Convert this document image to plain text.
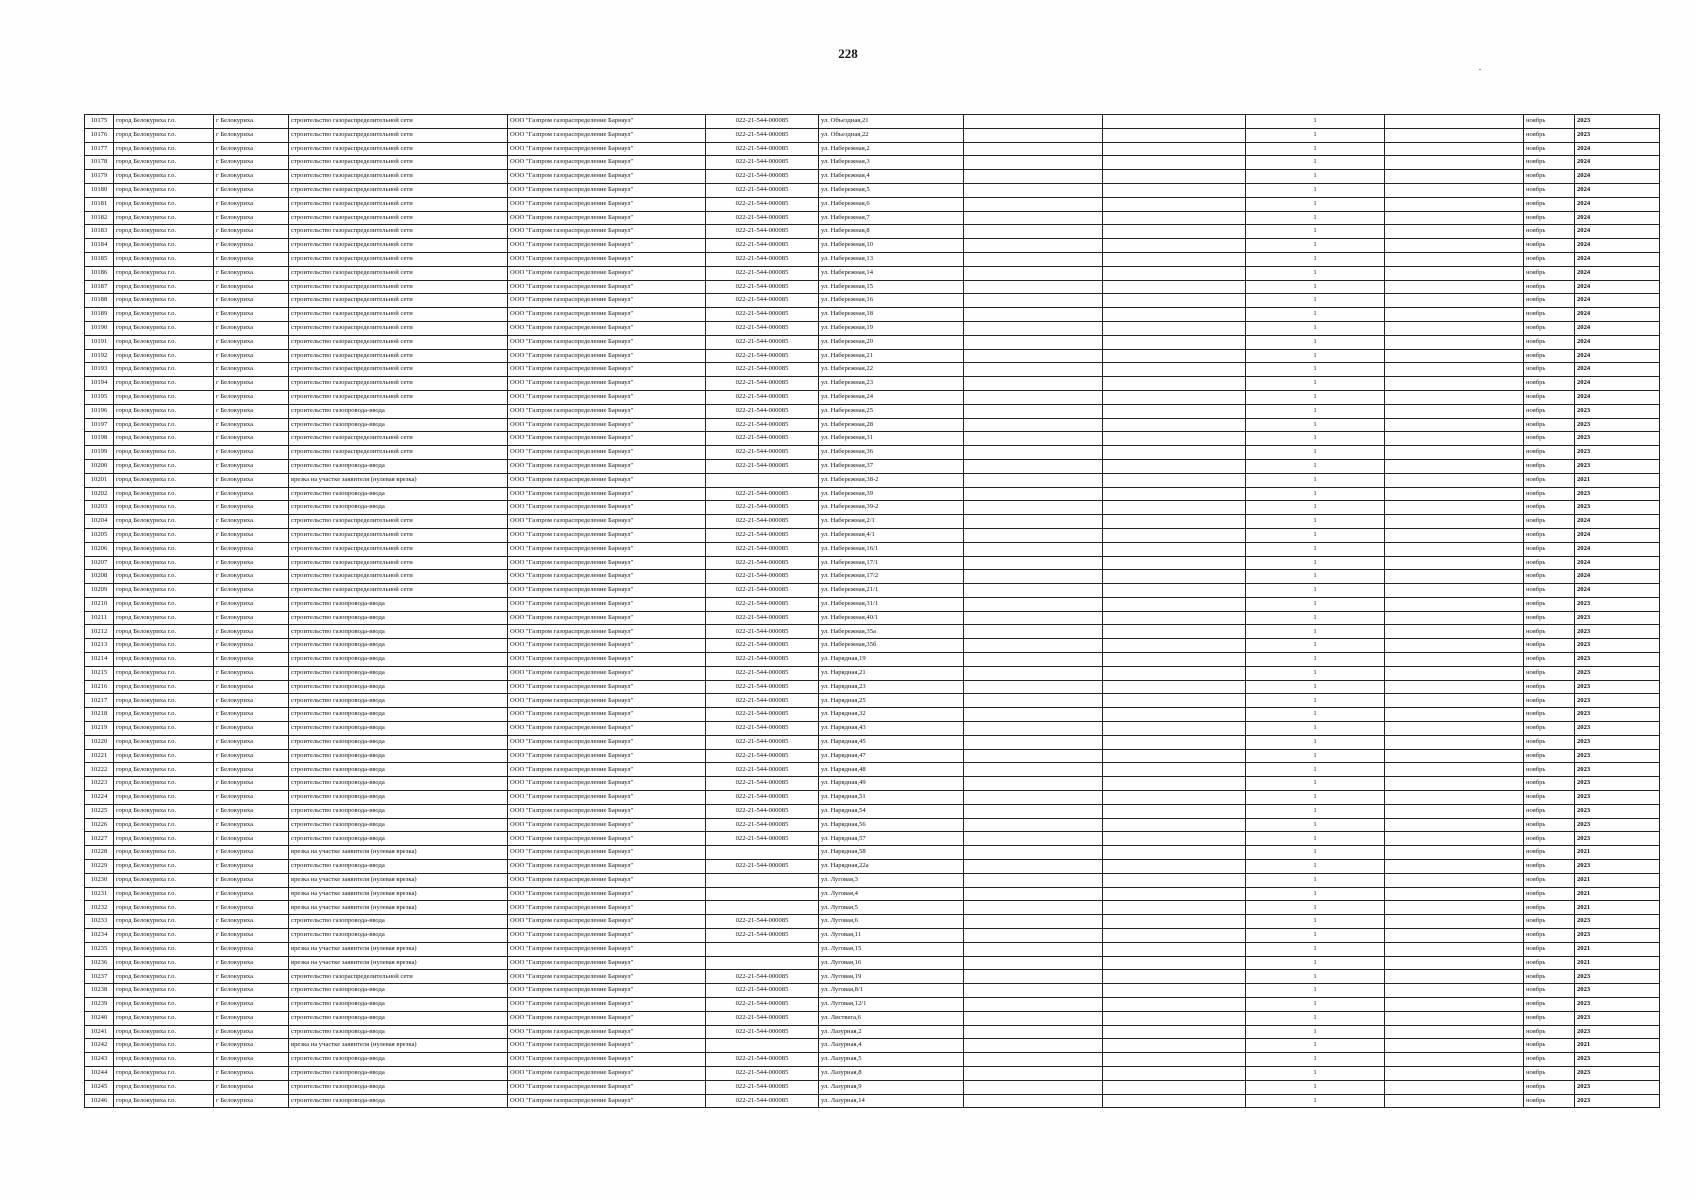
228
·
10175	город Белокуриха г.о.	г Белокуриха	строительство газораспределительной сети	ООО "Газпром газораспределение Барнаул"	022-21-544-000085	ул. Объездная,21			1		ноябрь	2023
10176	город Белокуриха г.о.	г Белокуриха	строительство газораспределительной сети	ООО "Газпром газораспределение Барнаул"	022-21-544-000085	ул. Объездная,22			1		ноябрь	2023
10177	город Белокуриха г.о.	г Белокуриха	строительство газораспределительной сети	ООО "Газпром газораспределение Барнаул"	022-21-544-000085	ул. Набережная,2			1		ноябрь	2024
10178	город Белокуриха г.о.	г Белокуриха	строительство газораспределительной сети	ООО "Газпром газораспределение Барнаул"	022-21-544-000085	ул. Набережная,3			1		ноябрь	2024
10179	город Белокуриха г.о.	г Белокуриха	строительство газораспределительной сети	ООО "Газпром газораспределение Барнаул"	022-21-544-000085	ул. Набережная,4			1		ноябрь	2024
10180	город Белокуриха г.о.	г Белокуриха	строительство газораспределительной сети	ООО "Газпром газораспределение Барнаул"	022-21-544-000085	ул. Набережная,5			1		ноябрь	2024
10181	город Белокуриха г.о.	г Белокуриха	строительство газораспределительной сети	ООО "Газпром газораспределение Барнаул"	022-21-544-000085	ул. Набережная,6			1		ноябрь	2024
10182	город Белокуриха г.о.	г Белокуриха	строительство газораспределительной сети	ООО "Газпром газораспределение Барнаул"	022-21-544-000085	ул. Набережная,7			1		ноябрь	2024
10183	город Белокуриха г.о.	г Белокуриха	строительство газораспределительной сети	ООО "Газпром газораспределение Барнаул"	022-21-544-000085	ул. Набережная,8			1		ноябрь	2024
10184	город Белокуриха г.о.	г Белокуриха	строительство газораспределительной сети	ООО "Газпром газораспределение Барнаул"	022-21-544-000085	ул. Набережная,10			1		ноябрь	2024
10185	город Белокуриха г.о.	г Белокуриха	строительство газораспределительной сети	ООО "Газпром газораспределение Барнаул"	022-21-544-000085	ул. Набережная,13			1		ноябрь	2024
10186	город Белокуриха г.о.	г Белокуриха	строительство газораспределительной сети	ООО "Газпром газораспределение Барнаул"	022-21-544-000085	ул. Набережная,14			1		ноябрь	2024
10187	город Белокуриха г.о.	г Белокуриха	строительство газораспределительной сети	ООО "Газпром газораспределение Барнаул"	022-21-544-000085	ул. Набережная,15			1		ноябрь	2024
10188	город Белокуриха г.о.	г Белокуриха	строительство газораспределительной сети	ООО "Газпром газораспределение Барнаул"	022-21-544-000085	ул. Набережная,16			1		ноябрь	2024
10189	город Белокуриха г.о.	г Белокуриха	строительство газораспределительной сети	ООО "Газпром газораспределение Барнаул"	022-21-544-000085	ул. Набережная,18			1		ноябрь	2024
10190	город Белокуриха г.о.	г Белокуриха	строительство газораспределительной сети	ООО "Газпром газораспределение Барнаул"	022-21-544-000085	ул. Набережная,19			1		ноябрь	2024
10191	город Белокуриха г.о.	г Белокуриха	строительство газораспределительной сети	ООО "Газпром газораспределение Барнаул"	022-21-544-000085	ул. Набережная,20			1		ноябрь	2024
10192	город Белокуриха г.о.	г Белокуриха	строительство газораспределительной сети	ООО "Газпром газораспределение Барнаул"	022-21-544-000085	ул. Набережная,21			1		ноябрь	2024
10193	город Белокуриха г.о.	г Белокуриха	строительство газораспределительной сети	ООО "Газпром газораспределение Барнаул"	022-21-544-000085	ул. Набережная,22			1		ноябрь	2024
10194	город Белокуриха г.о.	г Белокуриха	строительство газораспределительной сети	ООО "Газпром газораспределение Барнаул"	022-21-544-000085	ул. Набережная,23			1		ноябрь	2024
10195	город Белокуриха г.о.	г Белокуриха	строительство газораспределительной сети	ООО "Газпром газораспределение Барнаул"	022-21-544-000085	ул. Набережная,24			1		ноябрь	2024
10196	город Белокуриха г.о.	г Белокуриха	строительство газопровода-ввода	ООО "Газпром газораспределение Барнаул"	022-21-544-000085	ул. Набережная,25			1		ноябрь	2023
10197	город Белокуриха г.о.	г Белокуриха	строительство газопровода-ввода	ООО "Газпром газораспределение Барнаул"	022-21-544-000085	ул. Набережная,28			1		ноябрь	2023
10198	город Белокуриха г.о.	г Белокуриха	строительство газораспределительной сети	ООО "Газпром газораспределение Барнаул"	022-21-544-000085	ул. Набережная,31			1		ноябрь	2023
10199	город Белокуриха г.о.	г Белокуриха	строительство газораспределительной сети	ООО "Газпром газораспределение Барнаул"	022-21-544-000085	ул. Набережная,36			1		ноябрь	2023
10200	город Белокуриха г.о.	г Белокуриха	строительство газопровода-ввода	ООО "Газпром газораспределение Барнаул"	022-21-544-000085	ул. Набережная,37			1		ноябрь	2023
10201	город Белокуриха г.о.	г Белокуриха	врезка на участке заявителя (нулевая врезка)	ООО "Газпром газораспределение Барнаул"		ул. Набережная,38-2			1		ноябрь	2021
10202	город Белокуриха г.о.	г Белокуриха	строительство газопровода-ввода	ООО "Газпром газораспределение Барнаул"	022-21-544-000085	ул. Набережная,39			1		ноябрь	2023
10203	город Белокуриха г.о.	г Белокуриха	строительство газопровода-ввода	ООО "Газпром газораспределение Барнаул"	022-21-544-000085	ул. Набережная,39-2			1		ноябрь	2023
10204	город Белокуриха г.о.	г Белокуриха	строительство газораспределительной сети	ООО "Газпром газораспределение Барнаул"	022-21-544-000085	ул. Набережная,2/1			1		ноябрь	2024
10205	город Белокуриха г.о.	г Белокуриха	строительство газораспределительной сети	ООО "Газпром газораспределение Барнаул"	022-21-544-000085	ул. Набережная,4/1			1		ноябрь	2024
10206	город Белокуриха г.о.	г Белокуриха	строительство газораспределительной сети	ООО "Газпром газораспределение Барнаул"	022-21-544-000085	ул. Набережная,16/1			1		ноябрь	2024
10207	город Белокуриха г.о.	г Белокуриха	строительство газораспределительной сети	ООО "Газпром газораспределение Барнаул"	022-21-544-000085	ул. Набережная,17/1			1		ноябрь	2024
10208	город Белокуриха г.о.	г Белокуриха	строительство газораспределительной сети	ООО "Газпром газораспределение Барнаул"	022-21-544-000085	ул. Набережная,17/2			1		ноябрь	2024
10209	город Белокуриха г.о.	г Белокуриха	строительство газораспределительной сети	ООО "Газпром газораспределение Барнаул"	022-21-544-000085	ул. Набережная,21/1			1		ноябрь	2024
10210	город Белокуриха г.о.	г Белокуриха	строительство газопровода-ввода	ООО "Газпром газораспределение Барнаул"	022-21-544-000085	ул. Набережная,31/1			1		ноябрь	2023
10211	город Белокуриха г.о.	г Белокуриха	строительство газопровода-ввода	ООО "Газпром газораспределение Барнаул"	022-21-544-000085	ул. Набережная,40/1			1		ноябрь	2023
10212	город Белокуриха г.о.	г Белокуриха	строительство газопровода-ввода	ООО "Газпром газораспределение Барнаул"	022-21-544-000085	ул. Набережная,35а			1		ноябрь	2023
10213	город Белокуриха г.о.	г Белокуриха	строительство газопровода-ввода	ООО "Газпром газораспределение Барнаул"	022-21-544-000085	ул. Набережная,35б			1		ноябрь	2023
10214	город Белокуриха г.о.	г Белокуриха	строительство газопровода-ввода	ООО "Газпром газораспределение Барнаул"	022-21-544-000085	ул. Нарядная,19			1		ноябрь	2023
10215	город Белокуриха г.о.	г Белокуриха	строительство газопровода-ввода	ООО "Газпром газораспределение Барнаул"	022-21-544-000085	ул. Нарядная,21			1		ноябрь	2023
10216	город Белокуриха г.о.	г Белокуриха	строительство газопровода-ввода	ООО "Газпром газораспределение Барнаул"	022-21-544-000085	ул. Нарядная,23			1		ноябрь	2023
10217	город Белокуриха г.о.	г Белокуриха	строительство газопровода-ввода	ООО "Газпром газораспределение Барнаул"	022-21-544-000085	ул. Нарядная,25			1		ноябрь	2023
10218	город Белокуриха г.о.	г Белокуриха	строительство газопровода-ввода	ООО "Газпром газораспределение Барнаул"	022-21-544-000085	ул. Нарядная,32			1		ноябрь	2023
10219	город Белокуриха г.о.	г Белокуриха	строительство газопровода-ввода	ООО "Газпром газораспределение Барнаул"	022-21-544-000085	ул. Нарядная,43			1		ноябрь	2023
10220	город Белокуриха г.о.	г Белокуриха	строительство газопровода-ввода	ООО "Газпром газораспределение Барнаул"	022-21-544-000085	ул. Нарядная,45			1		ноябрь	2023
10221	город Белокуриха г.о.	г Белокуриха	строительство газопровода-ввода	ООО "Газпром газораспределение Барнаул"	022-21-544-000085	ул. Нарядная,47			1		ноябрь	2023
10222	город Белокуриха г.о.	г Белокуриха	строительство газопровода-ввода	ООО "Газпром газораспределение Барнаул"	022-21-544-000085	ул. Нарядная,48			1		ноябрь	2023
10223	город Белокуриха г.о.	г Белокуриха	строительство газопровода-ввода	ООО "Газпром газораспределение Барнаул"	022-21-544-000085	ул. Нарядная,49			1		ноябрь	2023
10224	город Белокуриха г.о.	г Белокуриха	строительство газопровода-ввода	ООО "Газпром газораспределение Барнаул"	022-21-544-000085	ул. Нарядная,51			1		ноябрь	2023
10225	город Белокуриха г.о.	г Белокуриха	строительство газопровода-ввода	ООО "Газпром газораспределение Барнаул"	022-21-544-000085	ул. Нарядная,54			1		ноябрь	2023
10226	город Белокуриха г.о.	г Белокуриха	строительство газопровода-ввода	ООО "Газпром газораспределение Барнаул"	022-21-544-000085	ул. Нарядная,56			1		ноябрь	2023
10227	город Белокуриха г.о.	г Белокуриха	строительство газопровода-ввода	ООО "Газпром газораспределение Барнаул"	022-21-544-000085	ул. Нарядная,57			1		ноябрь	2023
10228	город Белокуриха г.о.	г Белокуриха	врезка на участке заявителя (нулевая врезка)	ООО "Газпром газораспределение Барнаул"		ул. Нарядная,58			1		ноябрь	2021
10229	город Белокуриха г.о.	г Белокуриха	строительство газопровода-ввода	ООО "Газпром газораспределение Барнаул"	022-21-544-000085	ул. Нарядная,22а			1		ноябрь	2023
10230	город Белокуриха г.о.	г Белокуриха	врезка на участке заявителя (нулевая врезка)	ООО "Газпром газораспределение Барнаул"		ул. Луговая,3			1		ноябрь	2021
10231	город Белокуриха г.о.	г Белокуриха	врезка на участке заявителя (нулевая врезка)	ООО "Газпром газораспределение Барнаул"		ул. Луговая,4			1		ноябрь	2021
10232	город Белокуриха г.о.	г Белокуриха	врезка на участке заявителя (нулевая врезка)	ООО "Газпром газораспределение Барнаул"		ул. Луговая,5			1		ноябрь	2021
10233	город Белокуриха г.о.	г Белокуриха	строительство газопровода-ввода	ООО "Газпром газораспределение Барнаул"	022-21-544-000085	ул. Луговая,6			1		ноябрь	2023
10234	город Белокуриха г.о.	г Белокуриха	строительство газопровода-ввода	ООО "Газпром газораспределение Барнаул"	022-21-544-000085	ул. Луговая,11			1		ноябрь	2023
10235	город Белокуриха г.о.	г Белокуриха	врезка на участке заявителя (нулевая врезка)	ООО "Газпром газораспределение Барнаул"		ул. Луговая,15			1		ноябрь	2021
10236	город Белокуриха г.о.	г Белокуриха	врезка на участке заявителя (нулевая врезка)	ООО "Газпром газораспределение Барнаул"		ул. Луговая,16			1		ноябрь	2021
10237	город Белокуриха г.о.	г Белокуриха	строительство газораспределительной сети	ООО "Газпром газораспределение Барнаул"	022-21-544-000085	ул. Луговая,19			1		ноябрь	2023
10238	город Белокуриха г.о.	г Белокуриха	строительство газопровода-ввода	ООО "Газпром газораспределение Барнаул"	022-21-544-000085	ул. Луговая,8/1			1		ноябрь	2023
10239	город Белокуриха г.о.	г Белокуриха	строительство газопровода-ввода	ООО "Газпром газораспределение Барнаул"	022-21-544-000085	ул. Луговая,12/1			1		ноябрь	2023
10240	город Белокуриха г.о.	г Белокуриха	строительство газопровода-ввода	ООО "Газпром газораспределение Барнаул"	022-21-544-000085	ул. Листвега,6			1		ноябрь	2023
10241	город Белокуриха г.о.	г Белокуриха	строительство газопровода-ввода	ООО "Газпром газораспределение Барнаул"	022-21-544-000085	ул. Лазурная,2			1		ноябрь	2023
10242	город Белокуриха г.о.	г Белокуриха	врезка на участке заявителя (нулевая врезка)	ООО "Газпром газораспределение Барнаул"		ул. Лазурная,4			1		ноябрь	2021
10243	город Белокуриха г.о.	г Белокуриха	строительство газопровода-ввода	ООО "Газпром газораспределение Барнаул"	022-21-544-000085	ул. Лазурная,5			1		ноябрь	2023
10244	город Белокуриха г.о.	г Белокуриха	строительство газопровода-ввода	ООО "Газпром газораспределение Барнаул"	022-21-544-000085	ул. Лазурная,8			1		ноябрь	2023
10245	город Белокуриха г.о.	г Белокуриха	строительство газопровода-ввода	ООО "Газпром газораспределение Барнаул"	022-21-544-000085	ул. Лазурная,9			1		ноябрь	2023
10246	город Белокуриха г.о.	г Белокуриха	строительство газопровода-ввода	ООО "Газпром газораспределение Барнаул"	022-21-544-000085	ул. Лазурная,14			1		ноябрь	2023
